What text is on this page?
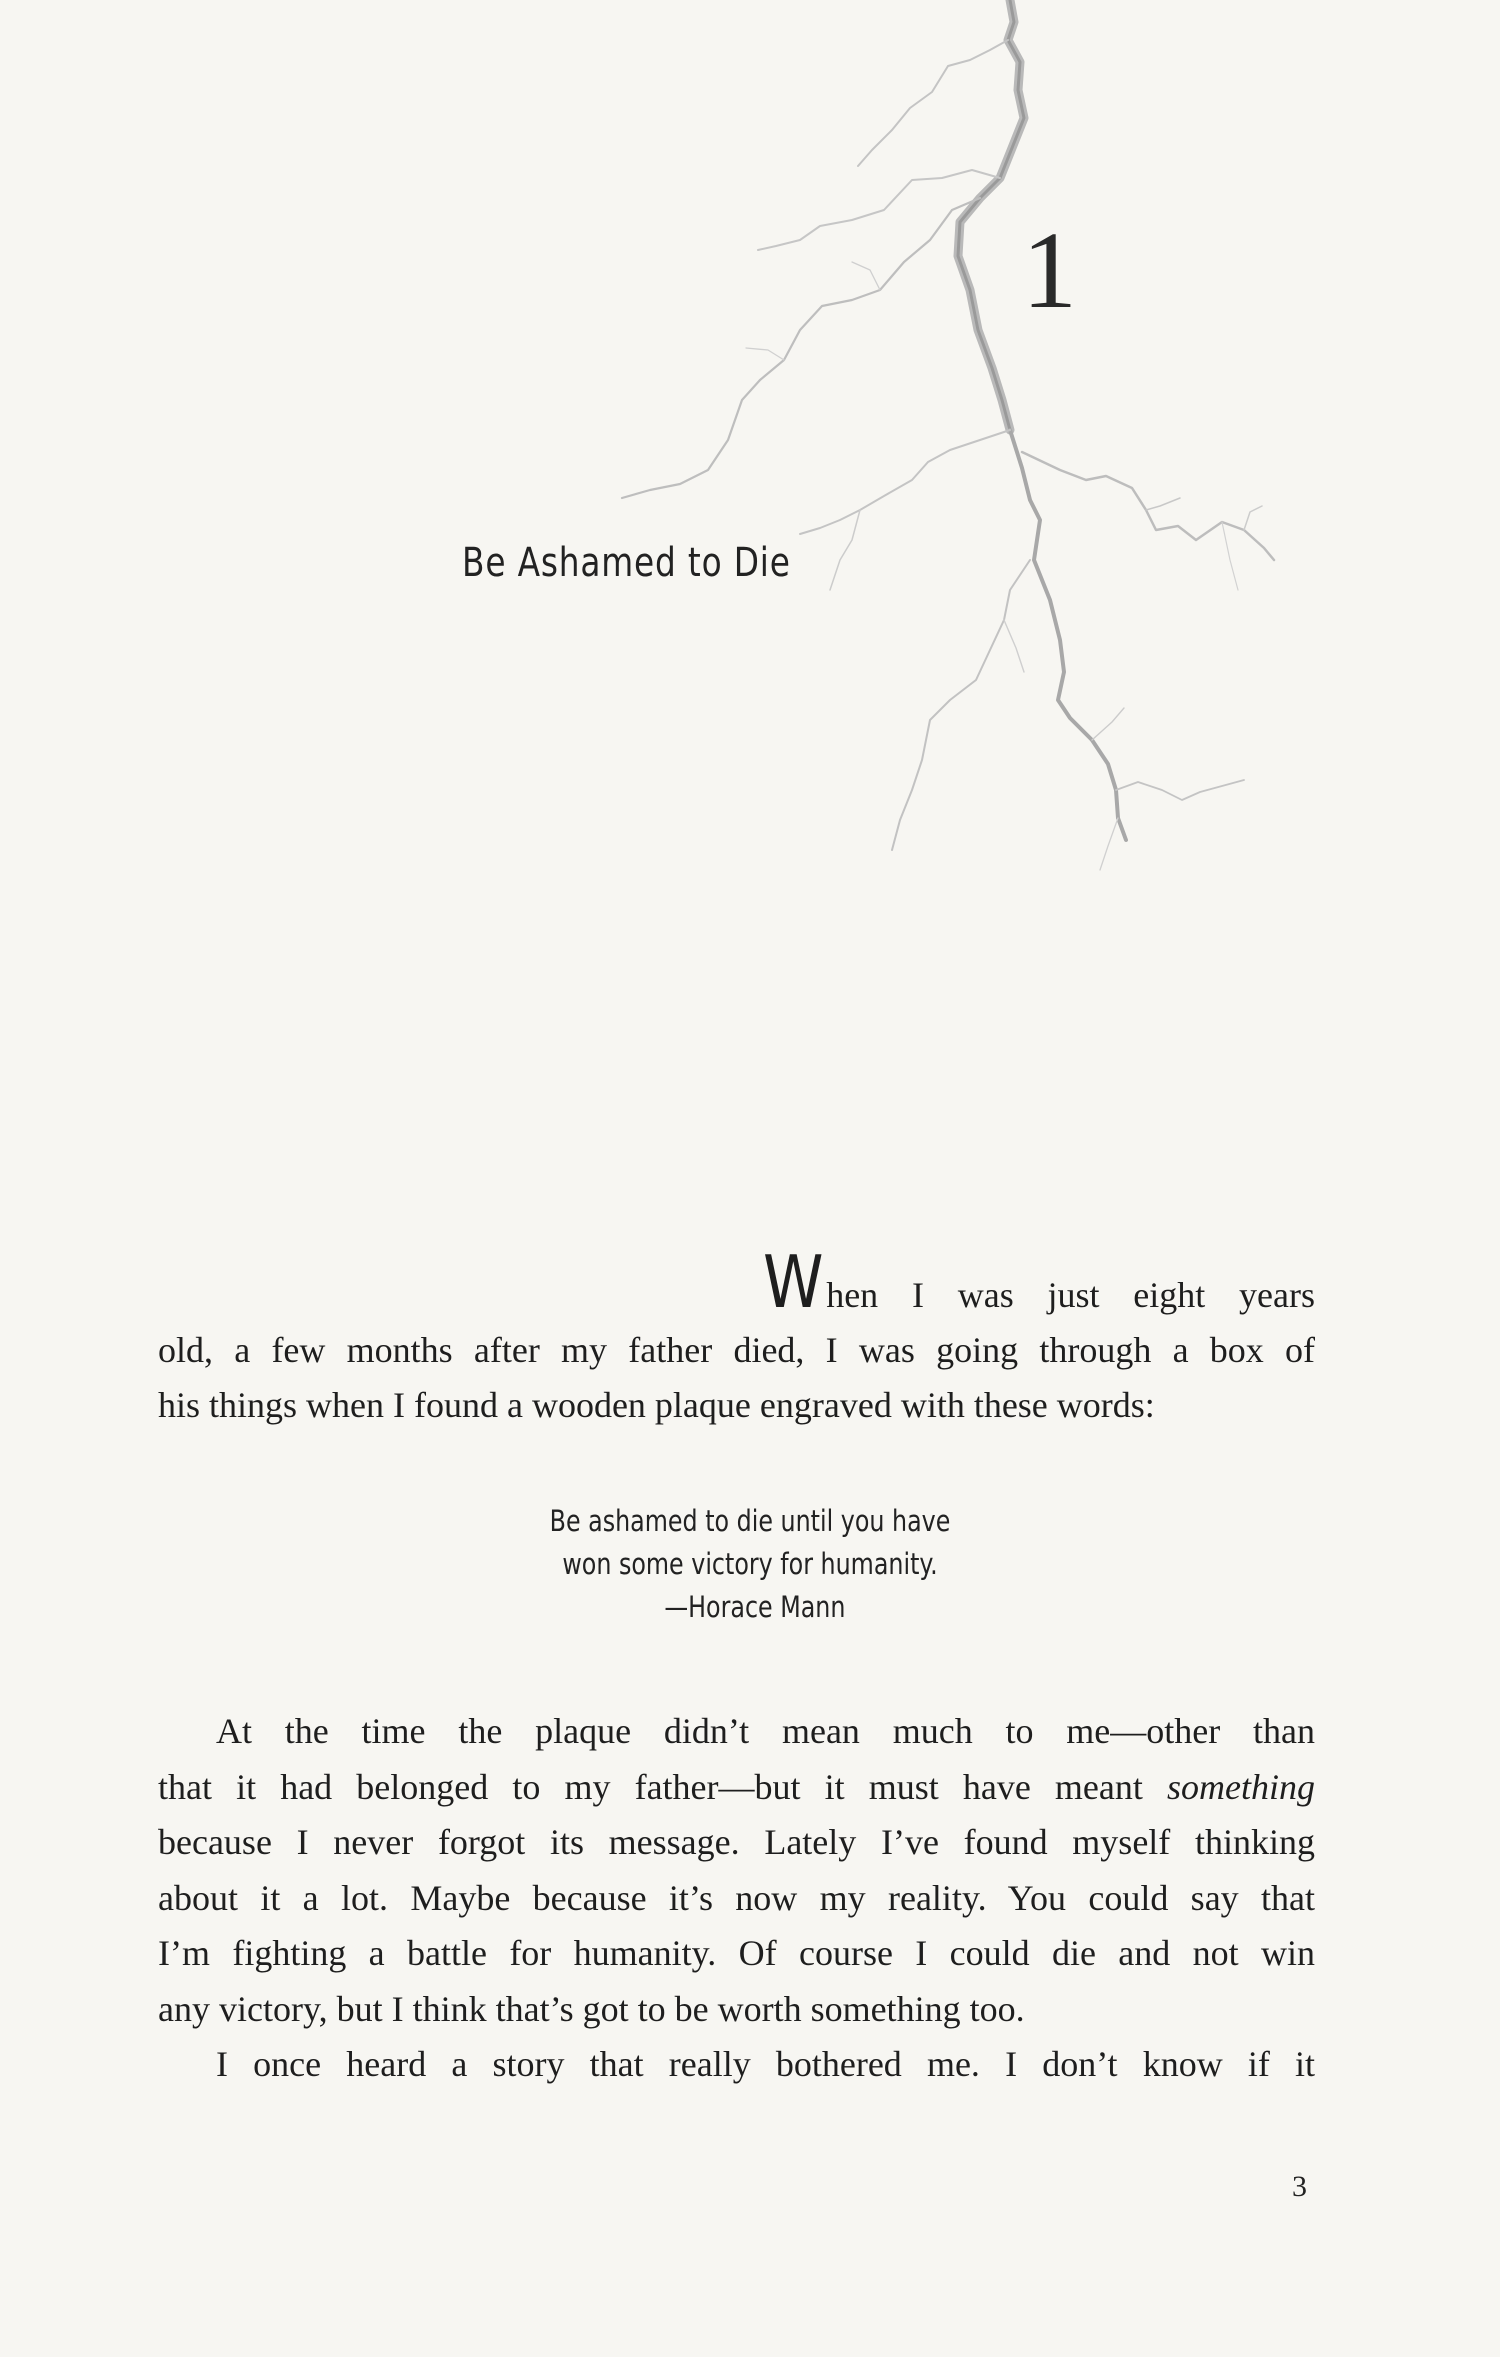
1
Be Ashamed to Die
When I was just eight years
old, a few months after my father died, I was going through a box of
his things when I found a wooden plaque engraved with these words:
Be ashamed to die until you have
won some victory for humanity.
—Horace Mann
At the time the plaque didn’t mean much to me—other than
that it had belonged to my father—but it must have meant something
because I never forgot its message. Lately I’ve found myself thinking
about it a lot. Maybe because it’s now my reality. You could say that
I’m fighting a battle for humanity. Of course I could die and not win
any victory, but I think that’s got to be worth something too.
I once heard a story that really bothered me. I don’t know if it
3
